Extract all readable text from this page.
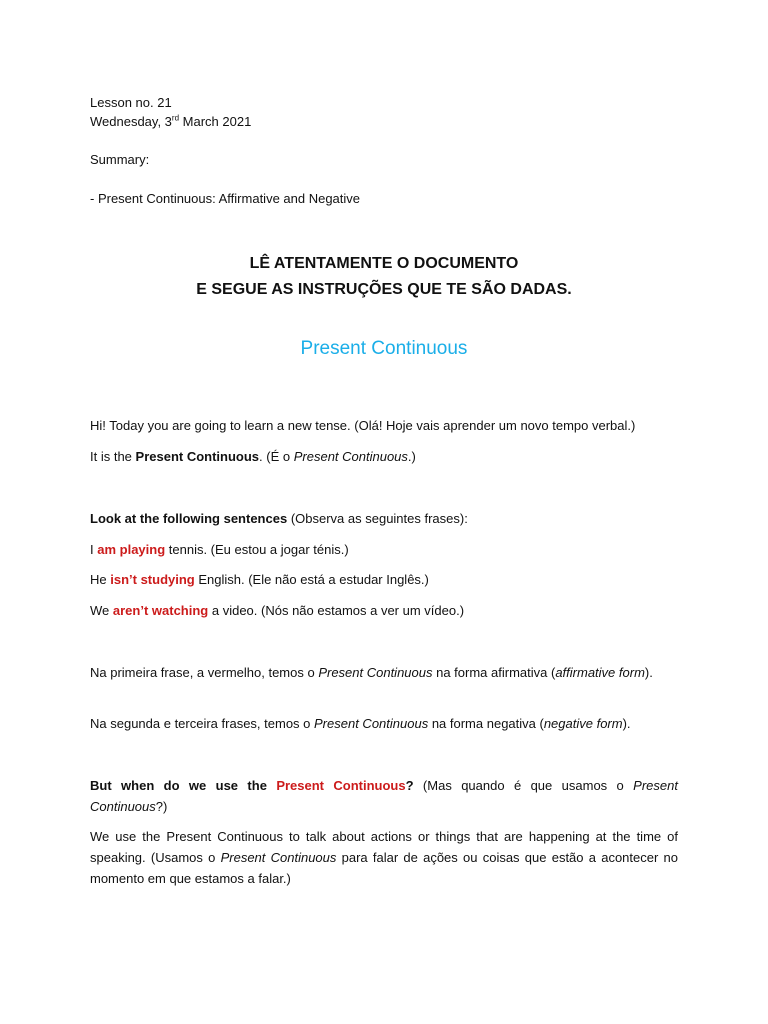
Lesson no. 21
Wednesday, 3rd March 2021
Summary:
- Present Continuous: Affirmative and Negative
LÊ ATENTAMENTE O DOCUMENTO
E SEGUE AS INSTRUÇÕES QUE TE SÃO DADAS.
Present Continuous
Hi! Today you are going to learn a new tense. (Olá! Hoje vais aprender um novo tempo verbal.)
It is the Present Continuous. (É o Present Continuous.)
Look at the following sentences (Observa as seguintes frases):
I am playing tennis. (Eu estou a jogar ténis.)
He isn’t studying English. (Ele não está a estudar Inglês.)
We aren’t watching a video. (Nós não estamos a ver um vídeo.)
Na primeira frase, a vermelho, temos o Present Continuous na forma afirmativa (affirmative form).
Na segunda e terceira frases, temos o Present Continuous na forma negativa (negative form).
But when do we use the Present Continuous? (Mas quando é que usamos o Present Continuous?)
We use the Present Continuous to talk about actions or things that are happening at the time of speaking. (Usamos o Present Continuous para falar de ações ou coisas que estão a acontecer no momento em que estamos a falar.)
